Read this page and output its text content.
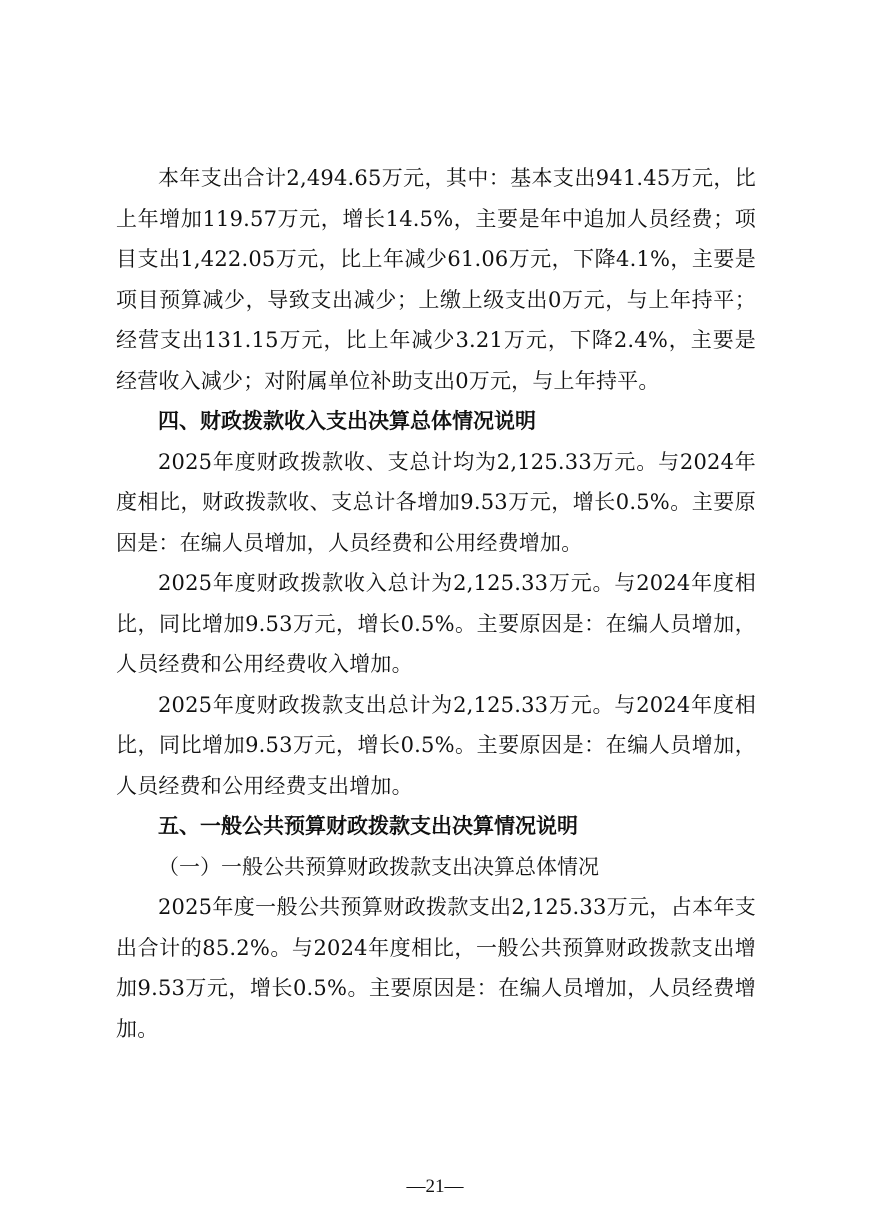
本年支出合计2,494.65万元，其中：基本支出941.45万元，比上年增加119.57万元，增长14.5%，主要是年中追加人员经费；项目支出1,422.05万元，比上年减少61.06万元，下降4.1%，主要是项目预算减少，导致支出减少；上缴上级支出0万元，与上年持平；经营支出131.15万元，比上年减少3.21万元，下降2.4%，主要是经营收入减少；对附属单位补助支出0万元，与上年持平。

四、财政拨款收入支出决算总体情况说明

2025年度财政拨款收、支总计均为2,125.33万元。与2024年度相比，财政拨款收、支总计各增加9.53万元，增长0.5%。主要原因是：在编人员增加，人员经费和公用经费增加。

2025年度财政拨款收入总计为2,125.33万元。与2024年度相比，同比增加9.53万元，增长0.5%。主要原因是：在编人员增加，人员经费和公用经费收入增加。

2025年度财政拨款支出总计为2,125.33万元。与2024年度相比，同比增加9.53万元，增长0.5%。主要原因是：在编人员增加，人员经费和公用经费支出增加。

五、一般公共预算财政拨款支出决算情况说明

（一）一般公共预算财政拨款支出决算总体情况

2025年度一般公共预算财政拨款支出2,125.33万元，占本年支出合计的85.2%。与2024年度相比，一般公共预算财政拨款支出增加9.53万元，增长0.5%。主要原因是：在编人员增加，人员经费增加。

—21—
